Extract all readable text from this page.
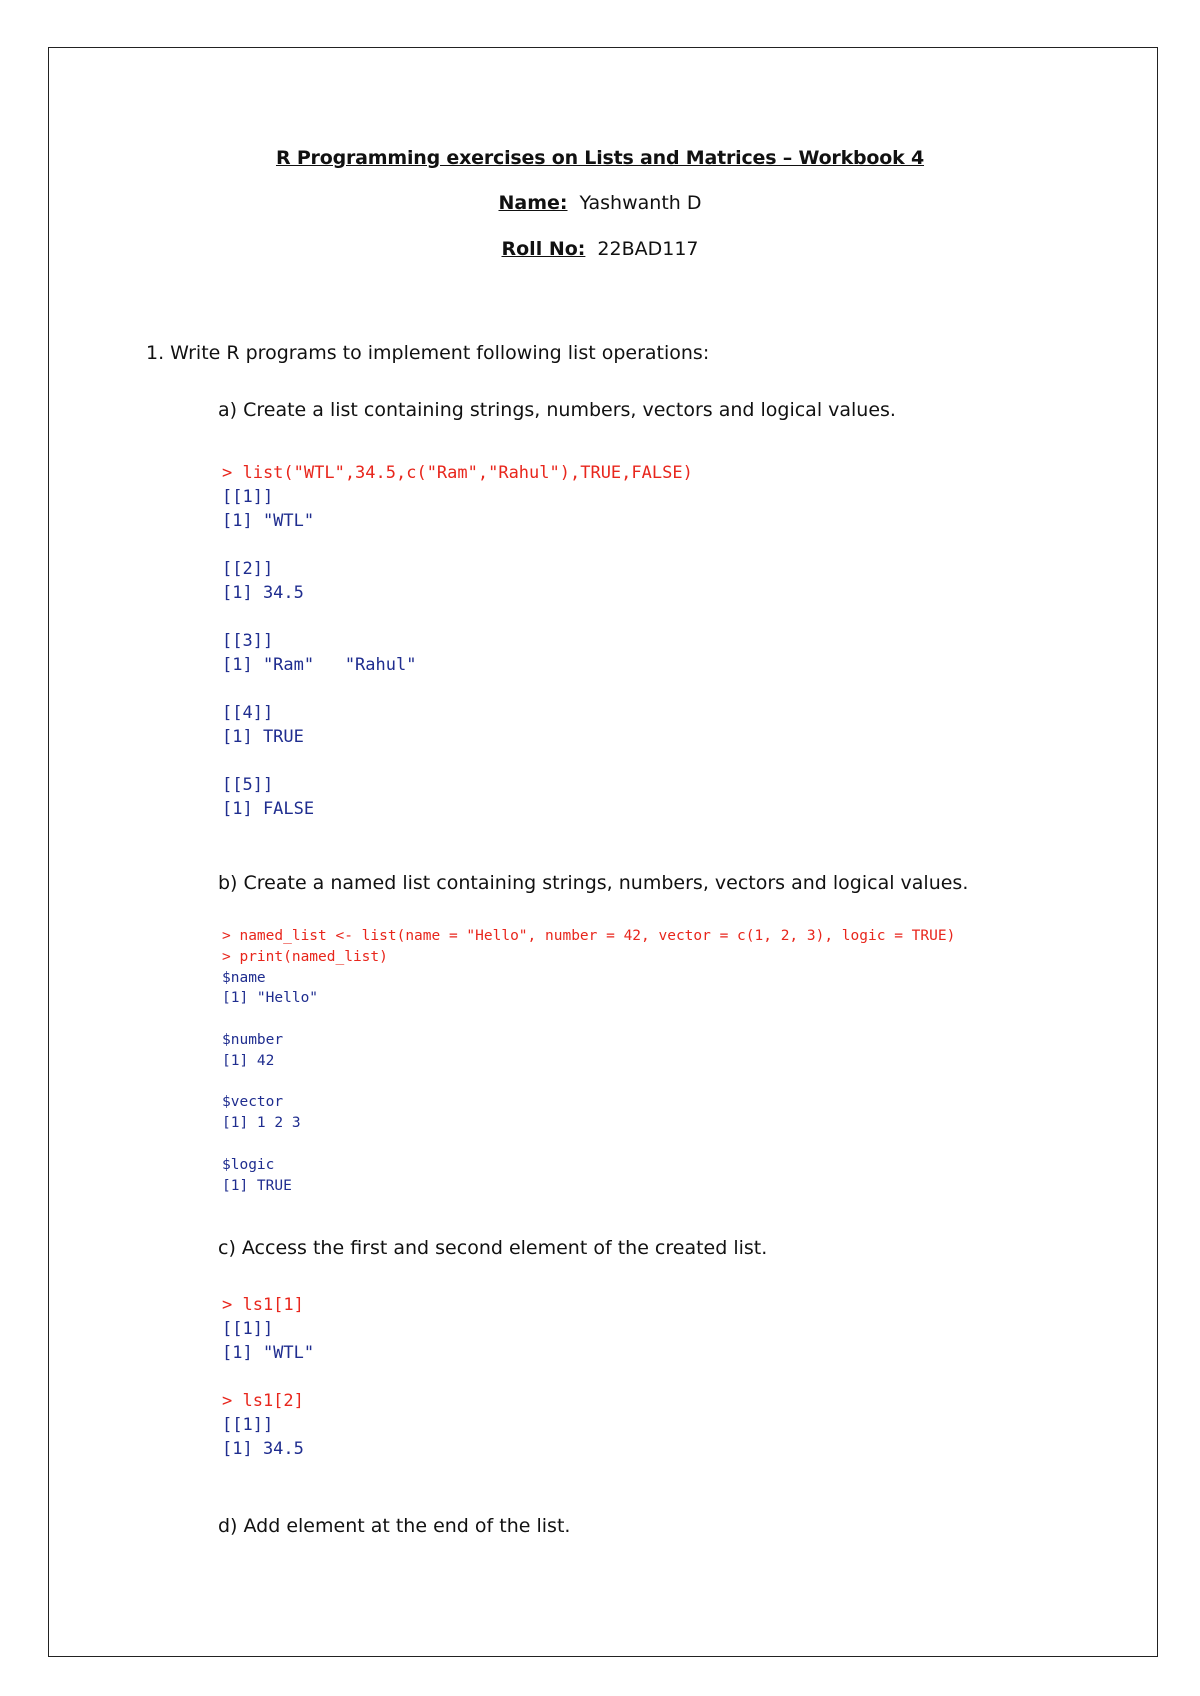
R Programming exercises on Lists and Matrices – Workbook 4
Name: Yashwanth D
Roll No: 22BAD117
1. Write R programs to implement following list operations:
a) Create a list containing strings, numbers, vectors and logical values.
> list("WTL",34.5,c("Ram","Rahul"),TRUE,FALSE)
[[1]]
[1] "WTL"

[[2]]
[1] 34.5

[[3]]
[1] "Ram"   "Rahul"

[[4]]
[1] TRUE

[[5]]
[1] FALSE
b) Create a named list containing strings, numbers, vectors and logical values.
> named_list <- list(name = "Hello", number = 42, vector = c(1, 2, 3), logic = TRUE)
> print(named_list)
$name
[1] "Hello"

$number
[1] 42

$vector
[1] 1 2 3

$logic
[1] TRUE
c) Access the first and second element of the created list.
> ls1[1]
[[1]]
[1] "WTL"

> ls1[2]
[[1]]
[1] 34.5
d) Add element at the end of the list.
